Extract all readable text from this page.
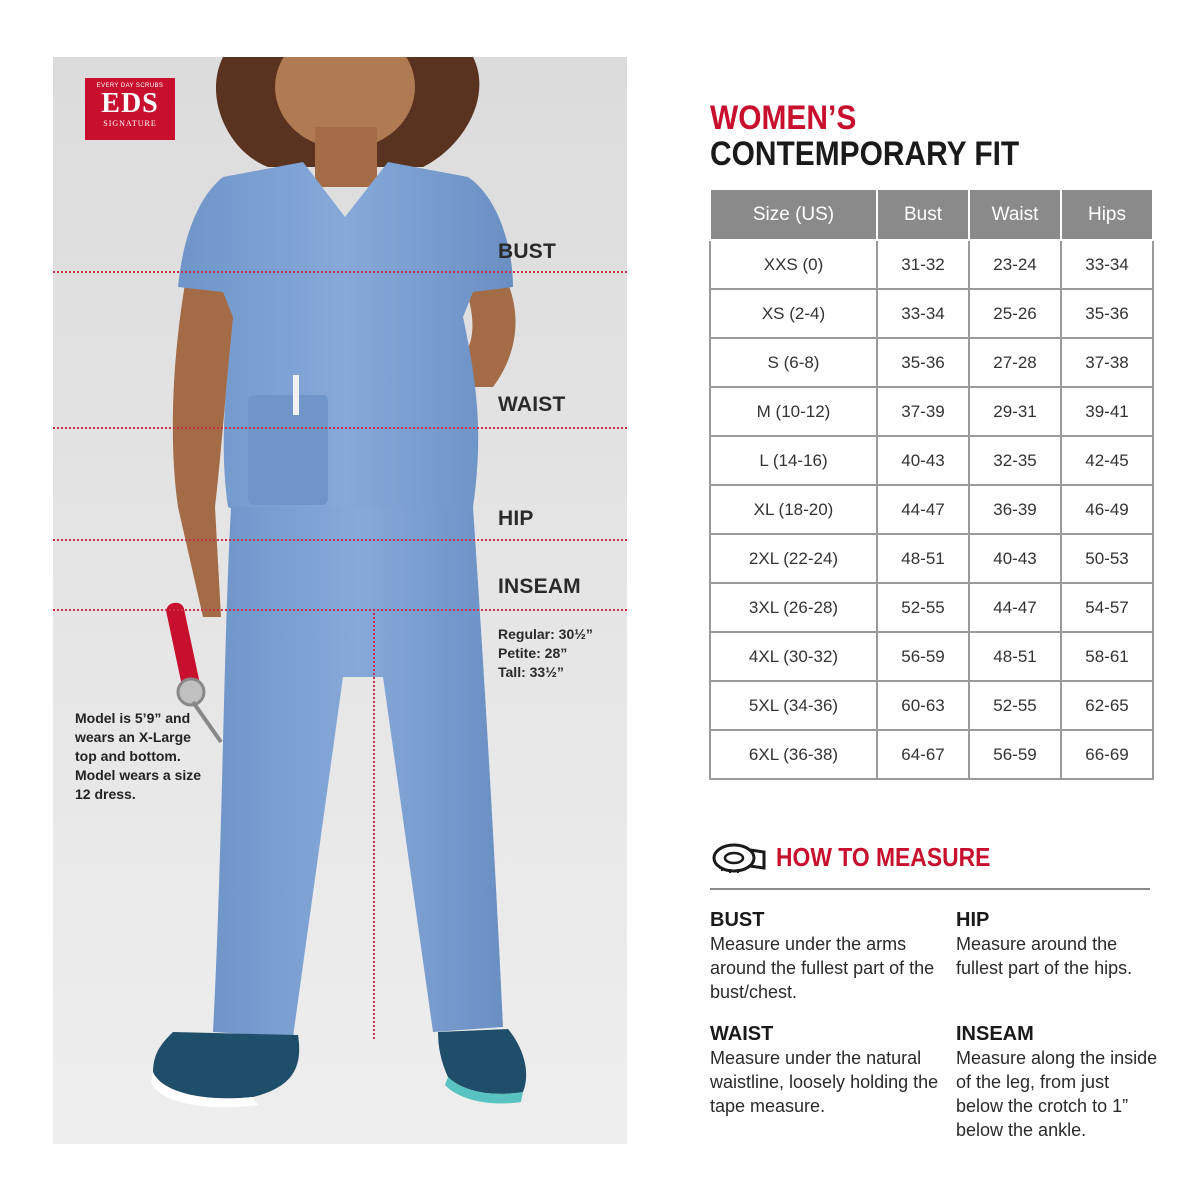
BUST
WAIST
HIP
INSEAM
Regular: 30½”
Petite: 28”
Tall: 33½”
Model is 5’9” and wears an X-Large top and bottom. Model wears a size 12 dress.
EVERY DAY SCRUBS
EDS
SIGNATURE	WOMEN’S
CONTEMPORARY FIT
Size (US)	Bust	Waist	Hips
XXS (0)	31-32	23-24	33-34
XS (2-4)	33-34	25-26	35-36
S (6-8)	35-36	27-28	37-38
M (10-12)	37-39	29-31	39-41
L (14-16)	40-43	32-35	42-45
XL (18-20)	44-47	36-39	46-49
2XL (22-24)	48-51	40-43	50-53
3XL (26-28)	52-55	44-47	54-57
4XL (30-32)	56-59	48-51	58-61
5XL (34-36)	60-63	52-55	62-65
6XL (36-38)	64-67	56-59	66-69
HOW TO MEASURE
BUST
Measure under the arms around the fullest part of the bust/chest.
HIP
Measure around the fullest part of the hips.
WAIST
Measure under the natural waistline, loosely holding the tape measure.
INSEAM
Measure along the inside of the leg, from just below the crotch to 1” below the ankle.
